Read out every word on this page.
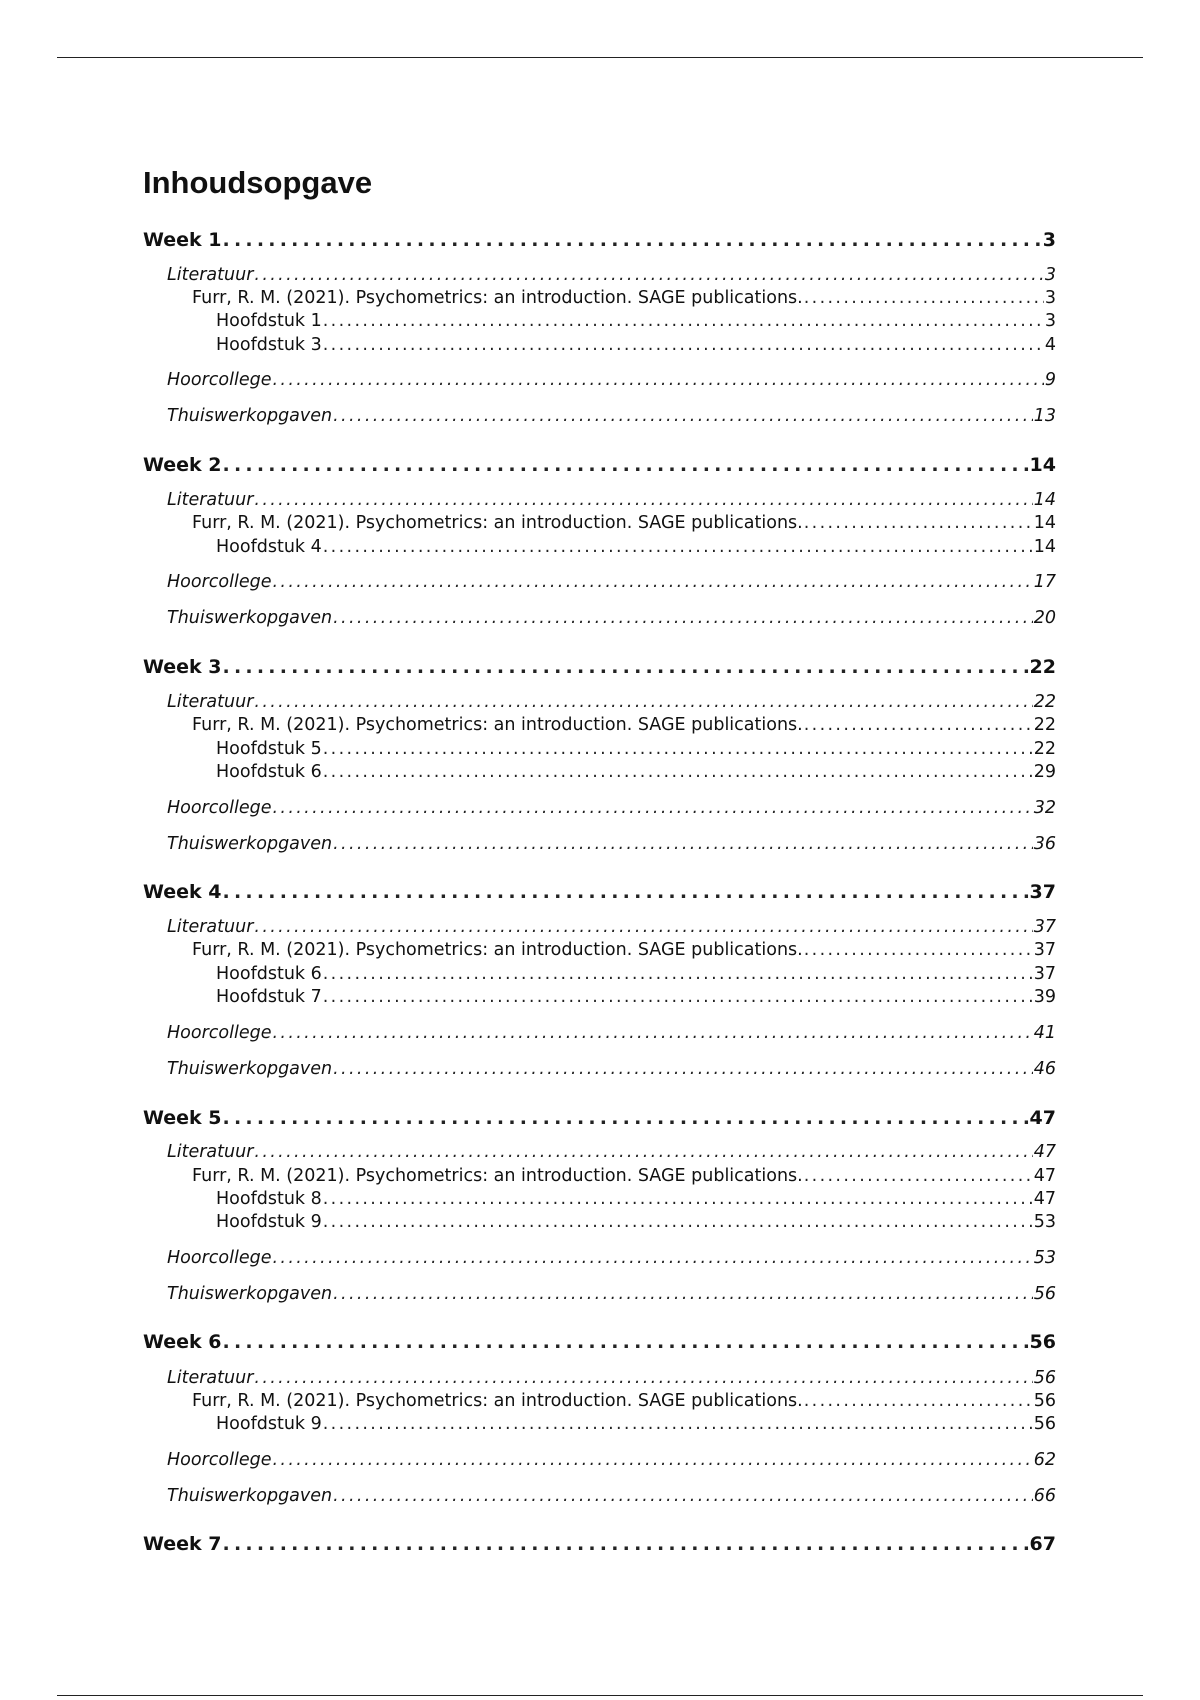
Inhoudsopgave
Week 1 . . .	3
Literatuur . . .	3
Furr, R. M. (2021). Psychometrics: an introduction. SAGE publications. . . .	3
Hoofdstuk 1 . . .	3
Hoofdstuk 3 . . .	4
Hoorcollege . . .	9
Thuiswerkopgaven . . .	13
Week 2 . . .	14
Literatuur . . .	14
Furr, R. M. (2021). Psychometrics: an introduction. SAGE publications. . . .	14
Hoofdstuk 4 . . .	14
Hoorcollege . . .	17
Thuiswerkopgaven . . .	20
Week 3 . . .	22
Literatuur . . .	22
Furr, R. M. (2021). Psychometrics: an introduction. SAGE publications. . . .	22
Hoofdstuk 5 . . .	22
Hoofdstuk 6 . . .	29
Hoorcollege . . .	32
Thuiswerkopgaven . . .	36
Week 4 . . .	37
Literatuur . . .	37
Furr, R. M. (2021). Psychometrics: an introduction. SAGE publications. . . .	37
Hoofdstuk 6 . . .	37
Hoofdstuk 7 . . .	39
Hoorcollege . . .	41
Thuiswerkopgaven . . .	46
Week 5 . . .	47
Literatuur . . .	47
Furr, R. M. (2021). Psychometrics: an introduction. SAGE publications. . . .	47
Hoofdstuk 8 . . .	47
Hoofdstuk 9 . . .	53
Hoorcollege . . .	53
Thuiswerkopgaven . . .	56
Week 6 . . .	56
Literatuur . . .	56
Furr, R. M. (2021). Psychometrics: an introduction. SAGE publications. . . .	56
Hoofdstuk 9 . . .	56
Hoorcollege . . .	62
Thuiswerkopgaven . . .	66
Week 7 . . .	67
